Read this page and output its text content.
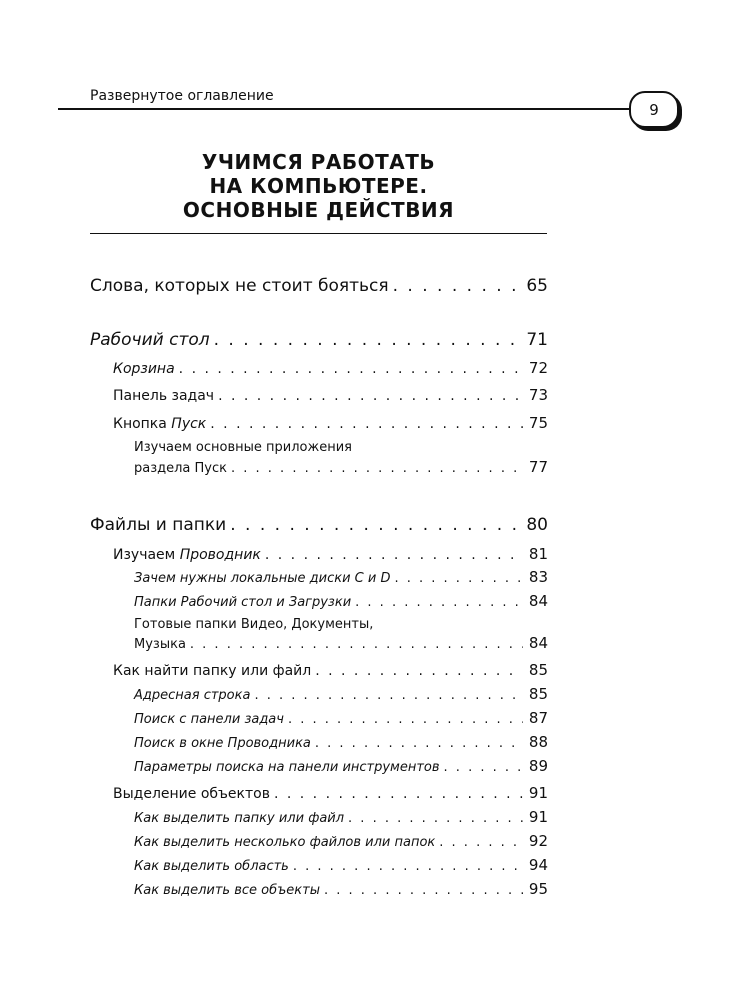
Развернутое оглавление
9
УЧИМСЯ РАБОТАТЬ
НА КОМПЬЮТЕРЕ.
ОСНОВНЫЕ ДЕЙСТВИЯ
Слова, которых не стоит бояться . . .	65
Рабочий стол . . .	71
Корзина . . .	72
Панель задач . . .	73
Кнопка Пуск . . .	75
Изучаем основные приложения
раздела Пуск . . .	77
Файлы и папки . . .	80
Изучаем Проводник . . .	81
Зачем нужны локальные диски C и D . . .	83
Папки Рабочий стол и Загрузки . . .	84
Готовые папки Видео, Документы,
Музыка . . .	84
Как найти папку или файл . . .	85
Адресная строка . . .	85
Поиск с панели задач . . .	87
Поиск в окне Проводника . . .	88
Параметры поиска на панели инструментов . . .	89
Выделение объектов . . .	91
Как выделить папку или файл . . .	91
Как выделить несколько файлов или папок . . .	92
Как выделить область . . .	94
Как выделить все объекты . . .	95
